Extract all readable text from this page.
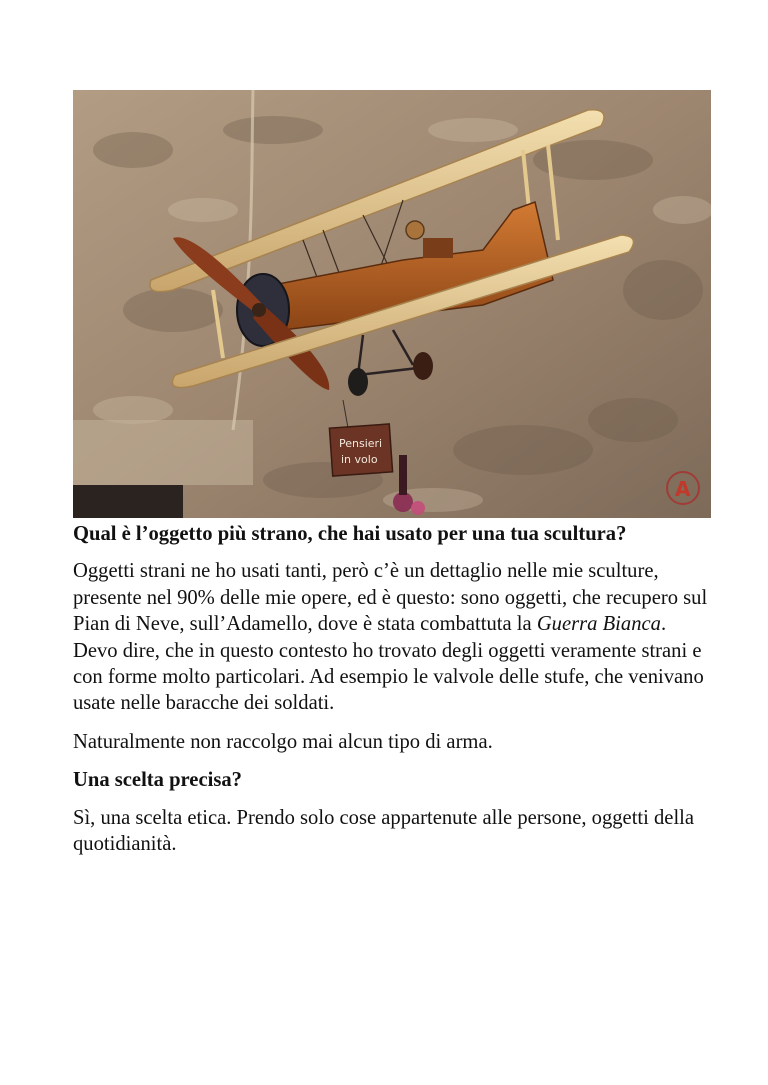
Pensieri
in volo
A
Qual è l’oggetto più strano, che hai usato per una tua scultura?
Oggetti strani ne ho usati tanti, però c’è un dettaglio nelle mie sculture, presente nel 90% delle mie opere, ed è questo: sono oggetti, che recupero sul Pian di Neve, sull’Adamello, dove è stata combattuta la Guerra Bianca. Devo dire, che in questo contesto ho trovato degli oggetti veramente strani e con forme molto particolari. Ad esempio le valvole delle stufe, che venivano usate nelle baracche dei soldati.
Naturalmente non raccolgo mai alcun tipo di arma.
Una scelta precisa?
Sì, una scelta etica. Prendo solo cose appartenute alle persone, oggetti della quotidianità.
